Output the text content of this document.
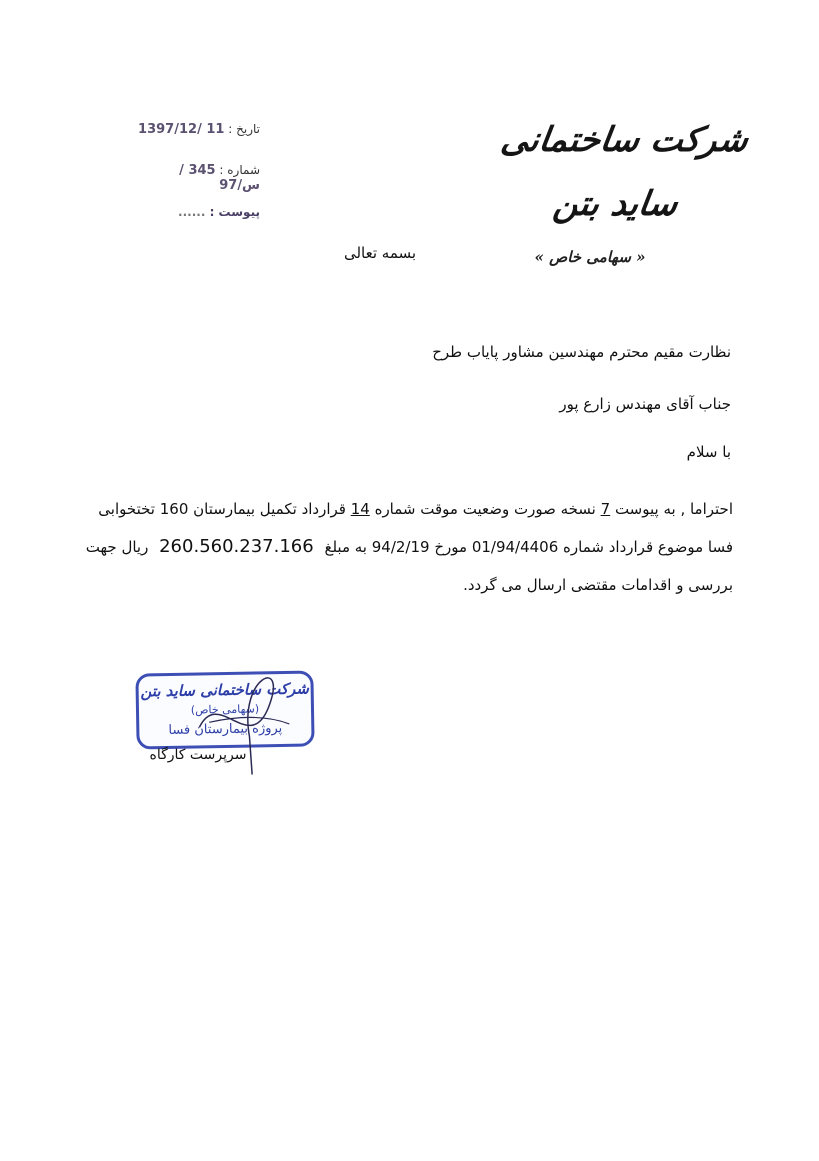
شرکت ساختمانی ساید بتن
« سهامی خاص »
تاریخ : 1397/12/ 11
شماره : 345 / س/97
پیوست : ......
بسمه تعالی
نظارت مقیم محترم مهندسین مشاور پایاب طرح
جناب آقای مهندس زارع پور
با سلام

احتراما , به پیوست 7 نسخه صورت وضعیت موقت شماره 14 قرارداد تکمیل بیمارستان 160 تختخوابی

فسا موضوع قرارداد شماره 01/94/4406 مورخ 94/2/19 به مبلغ 260.560.237.166 ریال جهت

بررسی و اقدامات مقتضی ارسال می گردد.

شرکت ساختمانی ساید بتن
(سهامی خاص)
پروژه بیمارستان فسا
سرپرست کارگاه
